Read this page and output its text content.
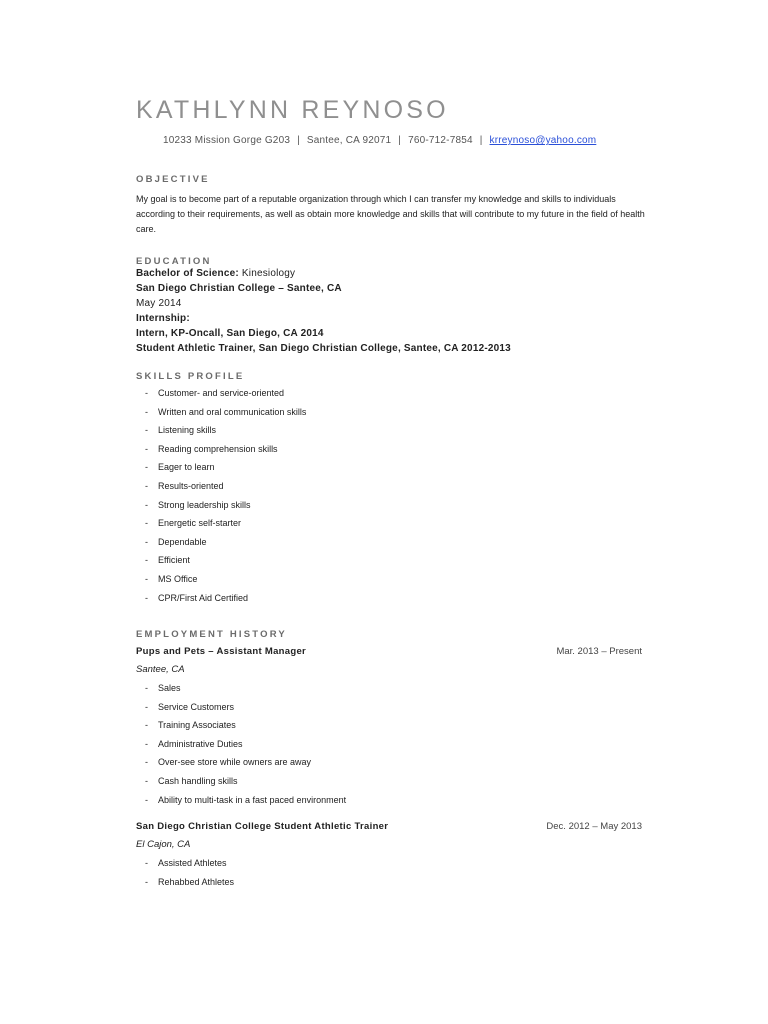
KATHLYNN REYNOSO
10233 Mission Gorge G203 | Santee, CA 92071 | 760-712-7854 | krreynoso@yahoo.com
OBJECTIVE

My goal is to become part of a reputable organization through which I can transfer my knowledge and skills to individuals according to their requirements, as well as obtain more knowledge and skills that will contribute to my future in the field of health care.

EDUCATION
Bachelor of Science: Kinesiology
San Diego Christian College – Santee, CA
May 2014
Internship:
Intern, KP-Oncall, San Diego, CA 2014
Student Athletic Trainer, San Diego Christian College, Santee, CA 2012-2013
SKILLS PROFILE
- Customer- and service-oriented
- Written and oral communication skills
- Listening skills
- Reading comprehension skills
- Eager to learn
- Results-oriented
- Strong leadership skills
- Energetic self-starter
- Dependable
- Efficient
- MS Office
- CPR/First Aid Certified
EMPLOYMENT HISTORY
Pups and Pets – Assistant Manager	Mar. 2013 – Present
Santee, CA
- Sales
- Service Customers
- Training Associates
- Administrative Duties
- Over-see store while owners are away
- Cash handling skills
- Ability to multi-task in a fast paced environment
San Diego Christian College Student Athletic Trainer	Dec. 2012 – May 2013
El Cajon, CA
- Assisted Athletes
- Rehabbed Athletes
